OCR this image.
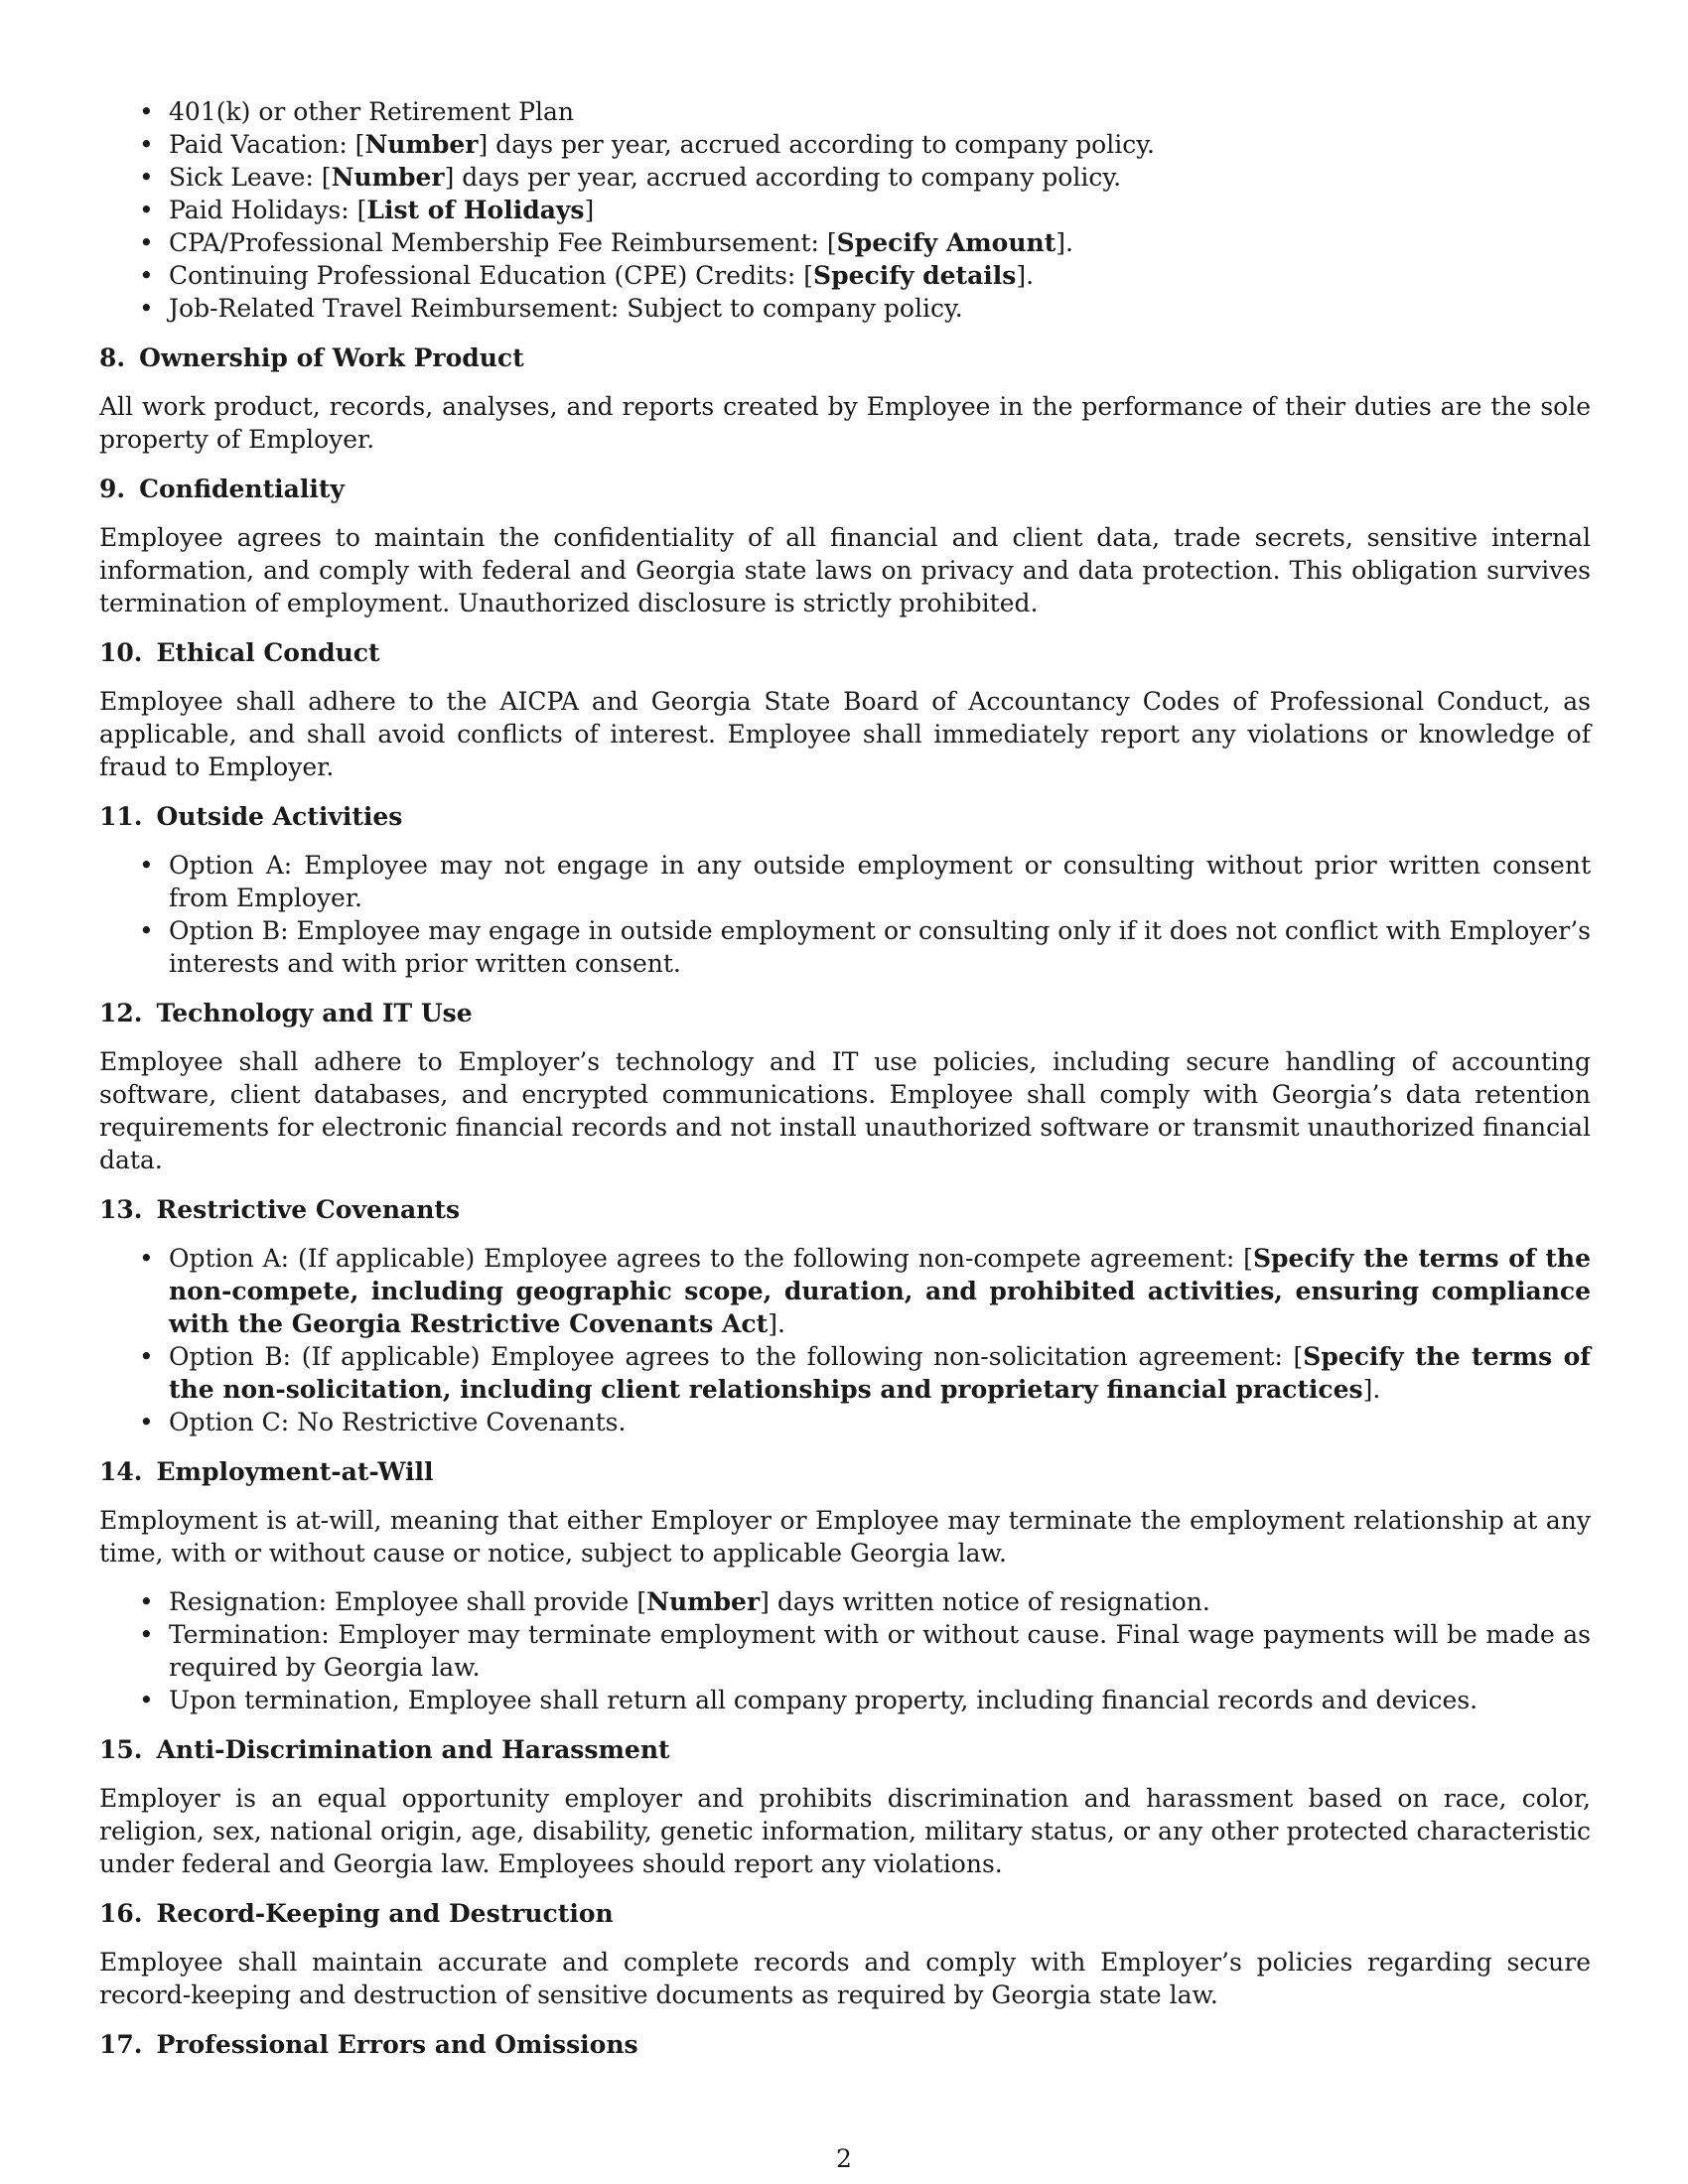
• 401(k) or other Retirement Plan
• Paid Vacation: [Number] days per year, accrued according to company policy.
• Sick Leave: [Number] days per year, accrued according to company policy.
• Paid Holidays: [List of Holidays]
• CPA/Professional Membership Fee Reimbursement: [Specify Amount].
• Continuing Professional Education (CPE) Credits: [Specify details].
• Job-Related Travel Reimbursement: Subject to company policy.
8. Ownership of Work Product

All work product, records, analyses, and reports created by Employee in the performance of their duties are the sole property of Employer.

9. Confidentiality

Employee agrees to maintain the confidentiality of all financial and client data, trade secrets, sensitive internal information, and comply with federal and Georgia state laws on privacy and data protection. This obligation survives termination of employment. Unauthorized disclosure is strictly prohibited.

10. Ethical Conduct

Employee shall adhere to the AICPA and Georgia State Board of Accountancy Codes of Professional Conduct, as applicable, and shall avoid conflicts of interest. Employee shall immediately report any violations or knowledge of fraud to Employer.

11. Outside Activities
• Option A: Employee may not engage in any outside employment or consulting without prior written consent from Employer.
• Option B: Employee may engage in outside employment or consulting only if it does not conflict with Employer’s interests and with prior written consent.
12. Technology and IT Use

Employee shall adhere to Employer’s technology and IT use policies, including secure handling of accounting software, client databases, and encrypted communications. Employee shall comply with Georgia’s data retention requirements for electronic financial records and not install unauthorized software or transmit unauthorized financial data.

13. Restrictive Covenants
• Option A: (If applicable) Employee agrees to the following non-compete agreement: [Specify the terms of the non-compete, including geographic scope, duration, and prohibited activities, ensuring compliance with the Georgia Restrictive Covenants Act].
• Option B: (If applicable) Employee agrees to the following non-solicitation agreement: [Specify the terms of the non-solicitation, including client relationships and proprietary financial practices].
• Option C: No Restrictive Covenants.
14. Employment-at-Will

Employment is at-will, meaning that either Employer or Employee may terminate the employment relationship at any time, with or without cause or notice, subject to applicable Georgia law.

• Resignation: Employee shall provide [Number] days written notice of resignation.
• Termination: Employer may terminate employment with or without cause. Final wage payments will be made as required by Georgia law.
• Upon termination, Employee shall return all company property, including financial records and devices.
15. Anti-Discrimination and Harassment

Employer is an equal opportunity employer and prohibits discrimination and harassment based on race, color, religion, sex, national origin, age, disability, genetic information, military status, or any other protected characteristic under federal and Georgia law. Employees should report any violations.

16. Record-Keeping and Destruction

Employee shall maintain accurate and complete records and comply with Employer’s policies regarding secure record-keeping and destruction of sensitive documents as required by Georgia state law.

17. Professional Errors and Omissions
2
